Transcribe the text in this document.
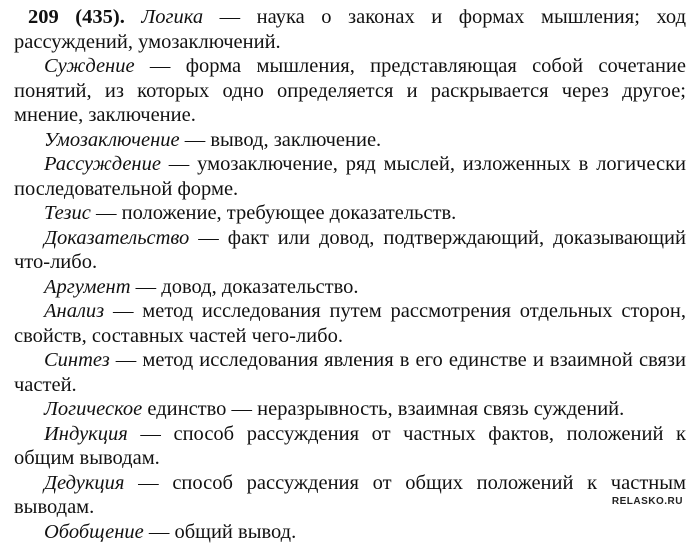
209 (435). Логика — наука о законах и формах мышления; ход рассуждений, умозаключений.

Суждение — форма мышления, представляющая собой сочетание понятий, из которых одно определяется и раскрывается через другое; мнение, заключение.

Умозаключение — вывод, заключение.

Рассуждение — умозаключение, ряд мыслей, изложенных в логически последовательной форме.

Тезис — положение, требующее доказательств.

Доказательство — факт или довод, подтверждающий, доказывающий что-либо.

Аргумент — довод, доказательство.

Анализ — метод исследования путем рассмотрения отдельных сторон, свойств, составных частей чего-либо.

Синтез — метод исследования явления в его единстве и взаимной связи частей.

Логическое единство — неразрывность, взаимная связь суждений.

Индукция — способ рассуждения от частных фактов, положений к общим выводам.

Дедукция — способ рассуждения от общих положений к частным выводам.

Обобщение — общий вывод.

RELASKO.RU
